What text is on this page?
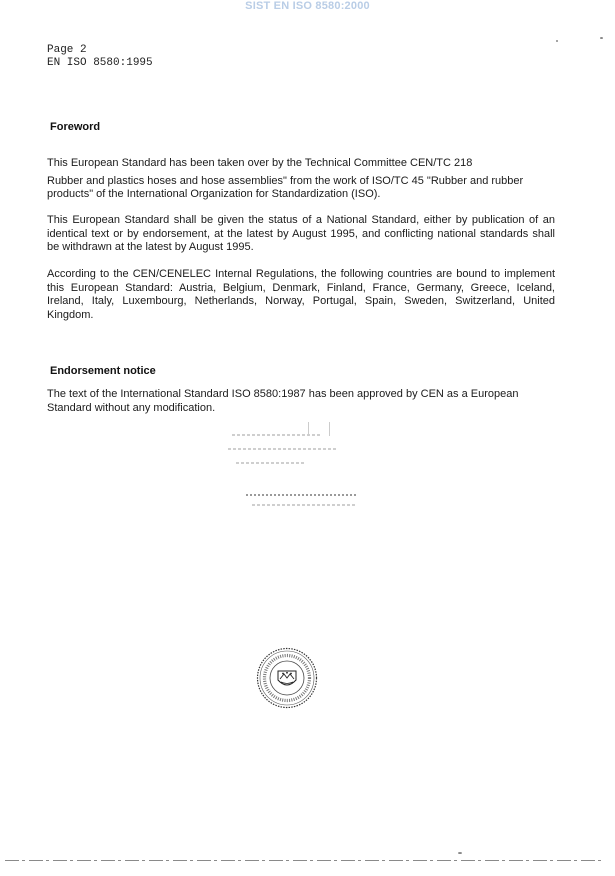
SIST EN ISO 8580:2000
Page 2
EN ISO 8580:1995
Foreword
This European Standard has been taken over by the Technical Committee CEN/TC 218
Rubber and plastics hoses and hose assemblies" from the work of ISO/TC 45 "Rubber and rubber
products" of the International Organization for Standardization (ISO).
This European Standard shall be given the status of a National Standard, either by publication of an identical text or by endorsement, at the latest by August 1995, and conflicting national standards shall be withdrawn at the latest by August 1995.
According to the CEN/CENELEC Internal Regulations, the following countries are bound to implement this European Standard: Austria, Belgium, Denmark, Finland, France, Germany, Greece, Iceland, Ireland, Italy, Luxembourg, Netherlands, Norway, Portugal, Spain, Sweden, Switzerland, United Kingdom.
Endorsement notice
The text of the International Standard ISO 8580:1987 has been approved by CEN as a European Standard without any modification.
